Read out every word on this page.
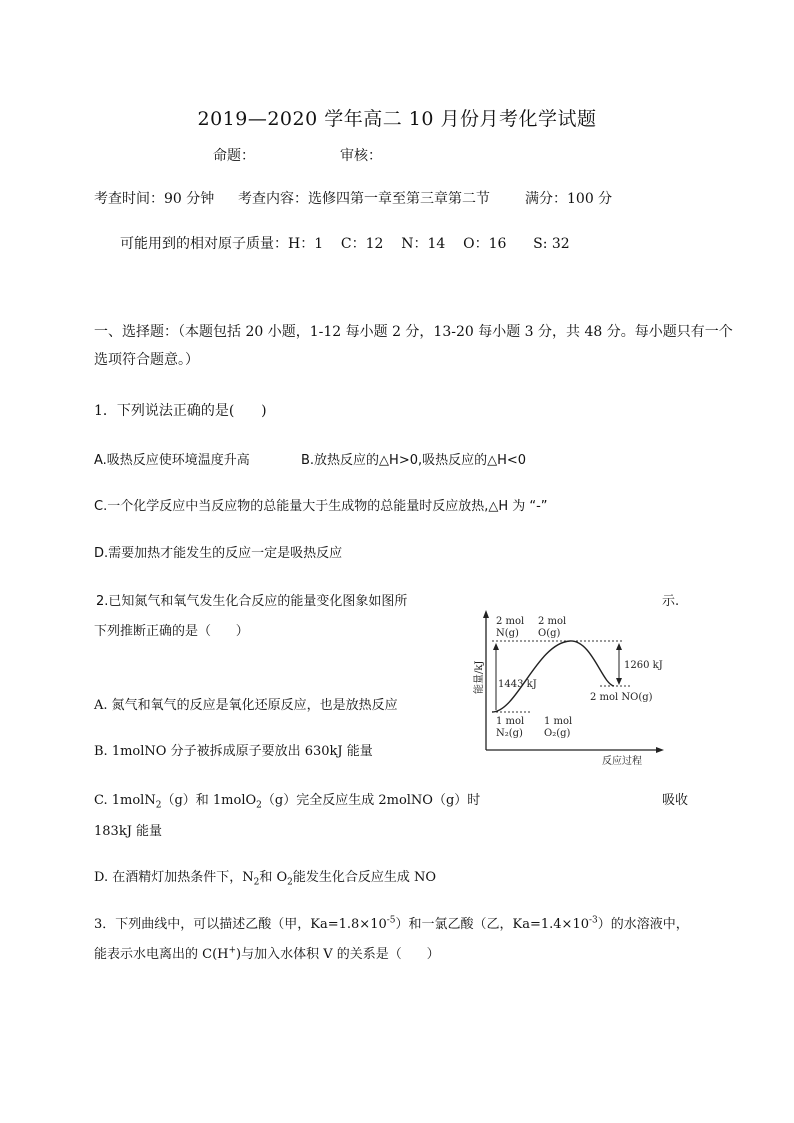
2019—2020 学年高二 10 月份月考化学试题
命题：	审核：
考查时间：90 分钟 考查内容：选修四第一章至第三章第二节	满分：100 分
可能用到的相对原子质量：H：1    C：12    N：14    O：16      S: 32
一、选择题：（本题包括 20 小题，1-12 每小题 2 分，13-20 每小题 3 分，共 48 分。每小题只有一个
选项符合题意。）
1．下列说法正确的是(      )
A.吸热反应使环境温度升高	B.放热反应的△H>0,吸热反应的△H<0
C.一个化学反应中当反应物的总能量大于生成物的总能量时反应放热,△H 为 “-”
D.需要加热才能发生的反应一定是吸热反应
2.已知氮气和氧气发生化合反应的能量变化图象如图所	示.
下列推断正确的是（      ）
能量/kJ
反应过程
2 mol
N(g)
2 mol
O(g)
1443 kJ
1260 kJ
2 mol NO(g)
1 mol
N₂(g)
1 mol
O₂(g)
A. 氮气和氧气的反应是氧化还原反应，也是放热反应
B. 1molNO 分子被拆成原子要放出 630kJ 能量
C. 1molN$_2$（g）和 1molO$_2$（g）完全反应生成 2molNO（g）时	吸收
183kJ 能量
D. 在酒精灯加热条件下，$N_2$和 $O_2$能发生化合反应生成 NO
3．下列曲线中，可以描述乙酸（甲，$Ka=1.8\times 10^{-5}$）和一氯乙酸（乙，$Ka=1.4\times 10^{-3}$）的水溶液中，
能表示水电离出的 C(H+)与加入水体积 V 的关系是（      ）
